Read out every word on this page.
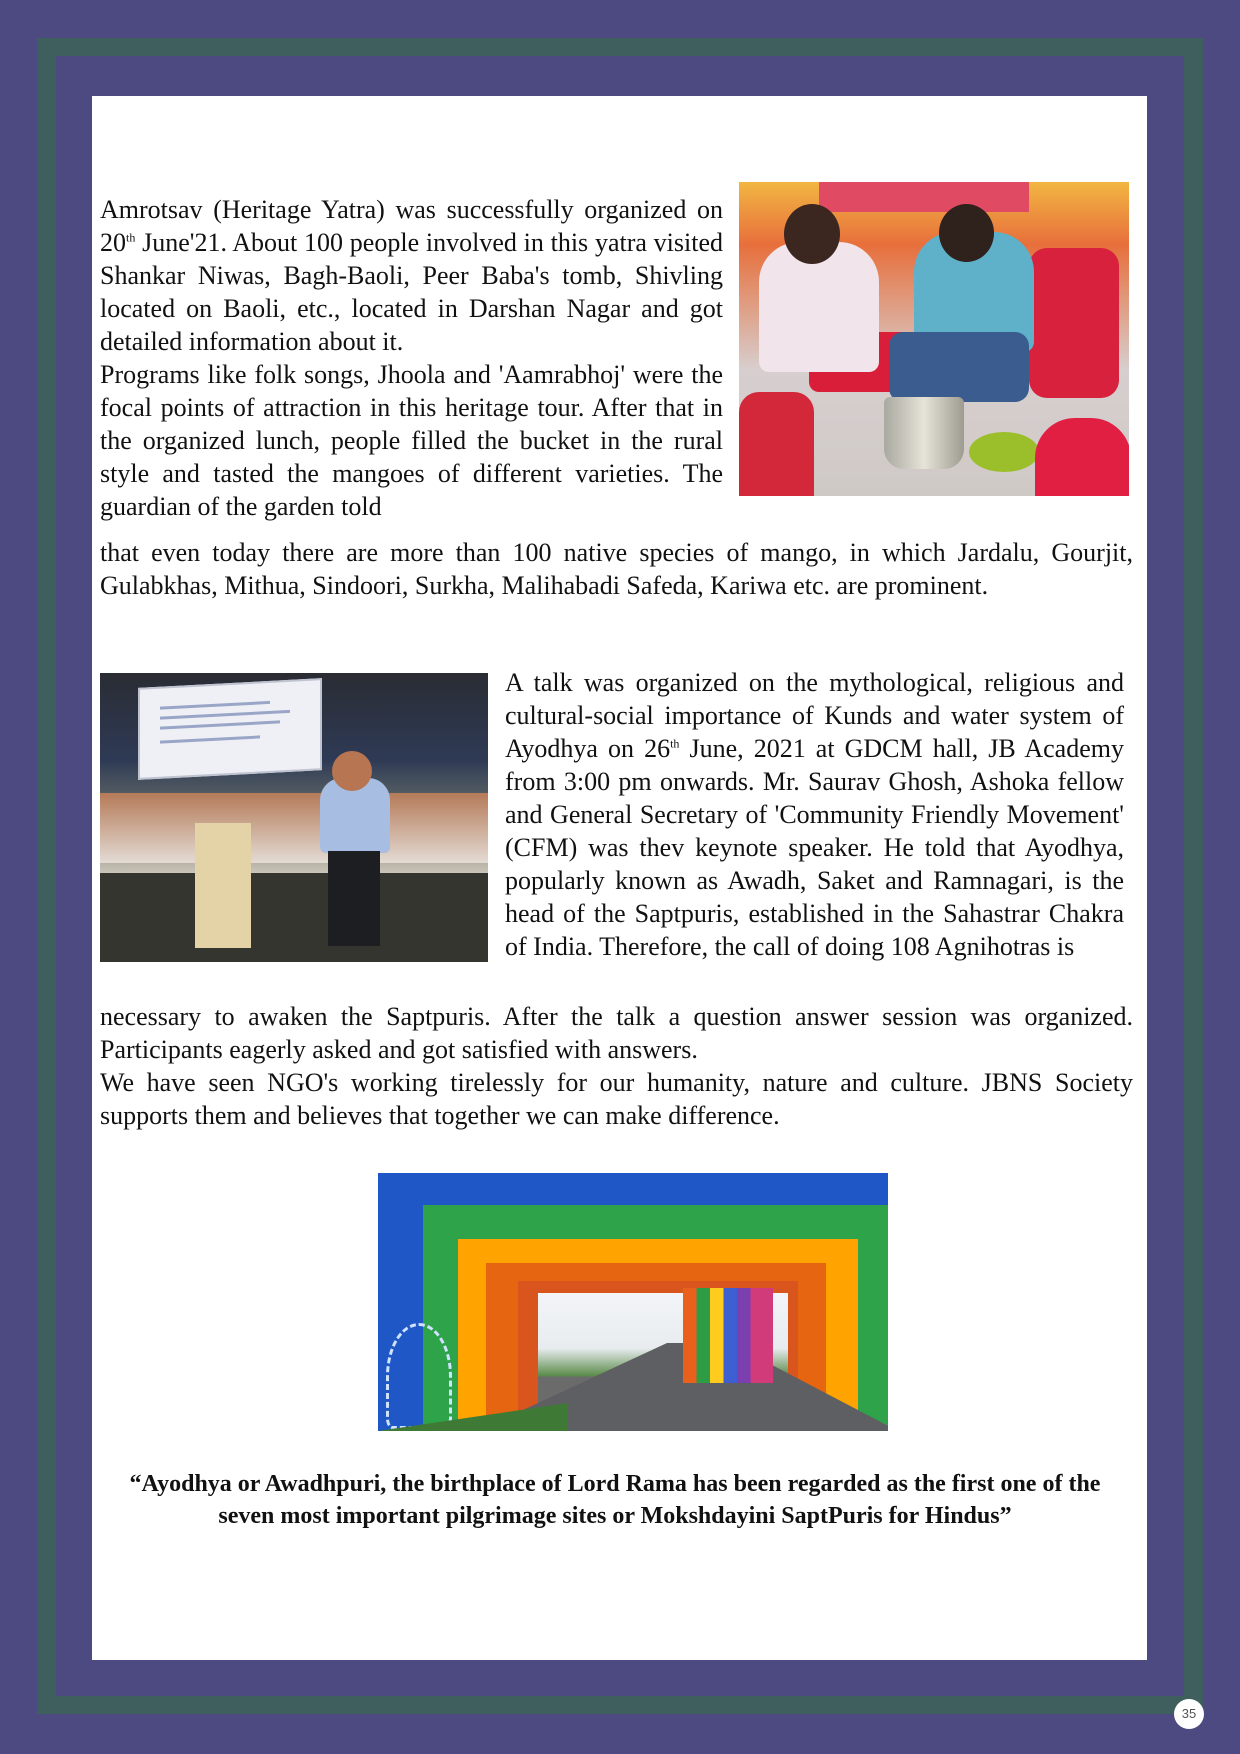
Amrotsav (Heritage Yatra) was successfully organized on 20th June'21. About 100 people involved in this yatra visited Shankar Niwas, Bagh-Baoli, Peer Baba's tomb, Shivling located on Baoli, etc., located in Darshan Nagar and got detailed information about it.

Programs like folk songs, Jhoola and 'Aamrabhoj' were the focal points of attraction in this heritage tour. After that in the organized lunch, people filled the bucket in the rural style and tasted the mangoes of different varieties. The guardian of the garden told

that even today there are more than 100 native species of mango, in which Jardalu, Gourjit, Gulabkhas, Mithua, Sindoori, Surkha, Malihabadi Safeda, Kariwa etc. are prominent.

A talk was organized on the mythological, religious and cultural-social importance of Kunds and water system of Ayodhya on 26th June, 2021 at GDCM hall, JB Academy from 3:00 pm onwards. Mr. Saurav Ghosh, Ashoka fellow and General Secretary of 'Community Friendly Movement' (CFM) was thev keynote speaker. He told that Ayodhya, popularly known as Awadh, Saket and Ramnagari, is the head of the Saptpuris, established in the Sahastrar Chakra of India. Therefore, the call of doing 108 Agnihotras is

necessary to awaken the Saptpuris. After the talk a question answer session was organized. Participants eagerly asked and got satisfied with answers.

We have seen NGO's working tirelessly for our humanity, nature and culture. JBNS Society supports them and believes that together we can make difference.

“Ayodhya or Awadhpuri, the birthplace of Lord Rama has been regarded as the first one of the seven most important pilgrimage sites or Mokshdayini SaptPuris for Hindus”

35
